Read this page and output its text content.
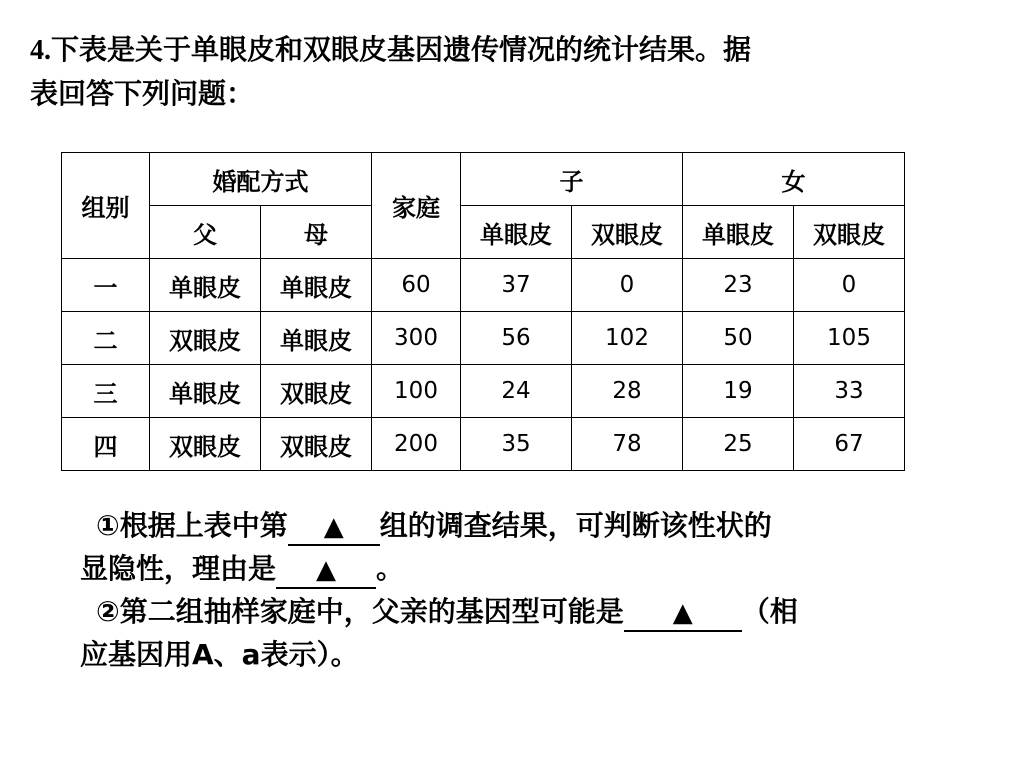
4.下表是关于单眼皮和双眼皮基因遗传情况的统计结果。据
表回答下列问题：
组别	婚配方式		家庭	子		女	
	父	母		单眼皮	双眼皮	单眼皮	双眼皮
一	单眼皮	单眼皮	60	37	0	23	0
二	双眼皮	单眼皮	300	56	102	50	105
三	单眼皮	双眼皮	100	24	28	19	33
四	双眼皮	双眼皮	200	35	78	25	67

①根据上表中第 ▲ 组的调查结果，可判断该性状的

显隐性，理由是 ▲ 。

②第二组抽样家庭中，父亲的基因型可能是 ▲ （相

应基因用A、a表示）。
